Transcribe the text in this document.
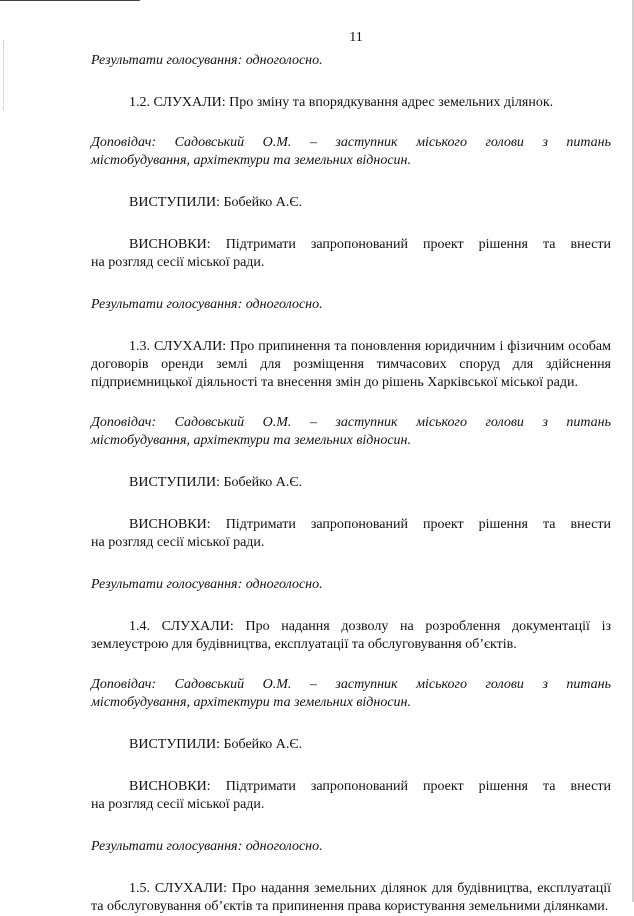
11

Результати голосування: одноголосно.

1.2. СЛУХАЛИ: Про зміну та впорядкування адрес земельних ділянок.

Доповідач: Садовський О.М. – заступник міського голови з питань

містобудування, архітектури та земельних відносин.

ВИСТУПИЛИ: Бобейко А.Є.

ВИСНОВКИ: Підтримати запропонований проект рішення та внести

на розгляд сесії міської ради.

Результати голосування: одноголосно.

1.3. СЛУХАЛИ: Про припинення та поновлення юридичним і фізичним особам договорів оренди землі для розміщення тимчасових споруд для здійснення підприємницької діяльності та внесення змін до рішень Харківської міської ради.

Доповідач: Садовський О.М. – заступник міського голови з питань

містобудування, архітектури та земельних відносин.

ВИСТУПИЛИ: Бобейко А.Є.

ВИСНОВКИ: Підтримати запропонований проект рішення та внести

на розгляд сесії міської ради.

Результати голосування: одноголосно.

1.4. СЛУХАЛИ: Про надання дозволу на розроблення документації із землеустрою для будівництва, експлуатації та обслуговування об’єктів.

Доповідач: Садовський О.М. – заступник міського голови з питань

містобудування, архітектури та земельних відносин.

ВИСТУПИЛИ: Бобейко А.Є.

ВИСНОВКИ: Підтримати запропонований проект рішення та внести

на розгляд сесії міської ради.

Результати голосування: одноголосно.

1.5. СЛУХАЛИ: Про надання земельних ділянок для будівництва, експлуатації та обслуговування об’єктів та припинення права користування земельними ділянками.
